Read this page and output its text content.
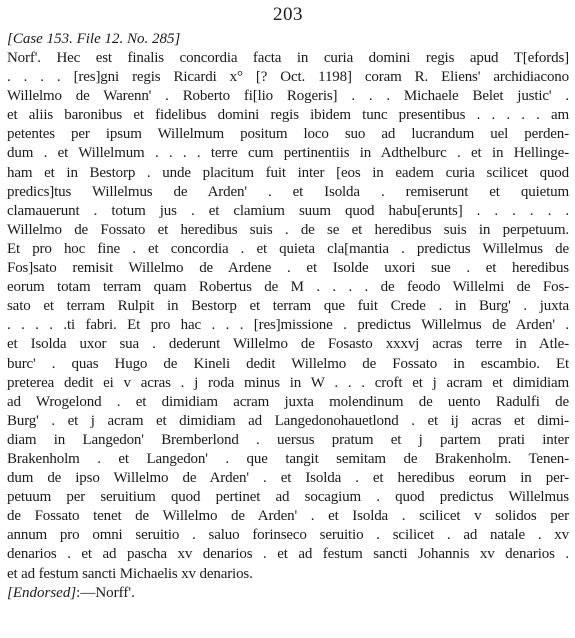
203
[Case 153. File 12. No. 285]
Norf'. Hec est finalis concordia facta in curia domini regis apud T[efords]
. . . . [res]gni regis Ricardi x° [? Oct. 1198] coram R. Eliens' archidiacono
Willelmo de Warenn' . Roberto fi[lio Rogeris] . . . Michaele Belet justic' .
et aliis baronibus et fidelibus domini regis ibidem tunc presentibus . . . . . am
petentes per ipsum Willelmum positum loco suo ad lucrandum uel perden-
dum . et Willelmum . . . . terre cum pertinentiis in Adthelburc . et in Hellinge-
ham et in Bestorp . unde placitum fuit inter [eos in eadem curia scilicet quod
predics]tus Willelmus de Arden' . et Isolda . remiserunt et quietum
clamauerunt . totum jus . et clamium suum quod habu[erunts] . . . . . .
Willelmo de Fossato et heredibus suis . de se et heredibus suis in perpetuum.
Et pro hoc fine . et concordia . et quieta cla[mantia . predictus Willelmus de
Fos]sato remisit Willelmo de Ardene . et Isolde uxori sue . et heredibus
eorum totam terram quam Robertus de M . . . . de feodo Willelmi de Fos-
sato et terram Rulpit in Bestorp et terram que fuit Crede . in Burg' . juxta
. . . . .ti fabri. Et pro hac . . . [res]missione . predictus Willelmus de Arden' .
et Isolda uxor sua . dederunt Willelmo de Fosasto xxxvj acras terre in Atle-
burc' . quas Hugo de Kineli dedit Willelmo de Fossato in escambio. Et
preterea dedit ei v acras . j roda minus in W . . . croft et j acram et dimidiam
ad Wrogelond . et dimidiam acram juxta molendinum de uento Radulfi de
Burg' . et j acram et dimidiam ad Langedonohauetlond . et ij acras et dimi-
diam in Langedon' Bremberlond . uersus pratum et j partem prati inter
Brakenholm . et Langedon' . que tangit semitam de Brakenholm. Tenen-
dum de ipso Willelmo de Arden' . et Isolda . et heredibus eorum in per-
petuum per seruitium quod pertinet ad socagium . quod predictus Willelmus
de Fossato tenet de Willelmo de Arden' . et Isolda . scilicet v solidos per
annum pro omni seruitio . saluo forinseco seruitio . scilicet . ad natale . xv
denarios . et ad pascha xv denarios . et ad festum sancti Johannis xv denarios .
et ad festum sancti Michaelis xv denarios.
[Endorsed]:—Norff'.
